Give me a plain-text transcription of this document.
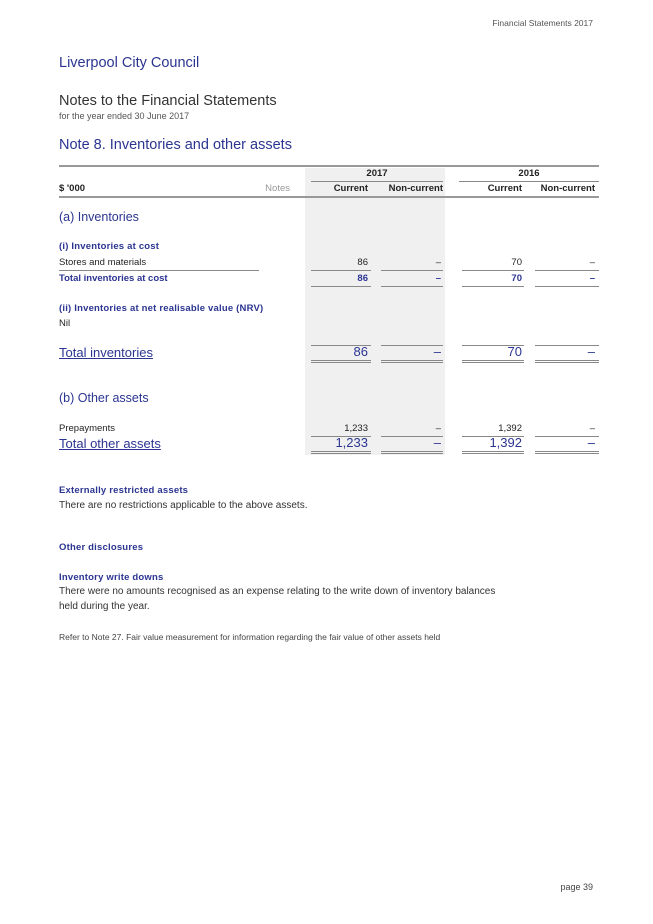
Financial Statements 2017
Liverpool City Council
Notes to the Financial Statements
for the year ended 30 June 2017
Note 8. Inventories and other assets
2017	2016
$ '000	Notes	Current	Non-current	Current	Non-current
(a) Inventories
(i) Inventories at cost
Stores and materials	86	–	70	–
Total inventories at cost	86	–	70	–
(ii) Inventories at net realisable value (NRV)
Nil
Total inventories	86	–	70	–
(b) Other assets
Prepayments	1,233	–	1,392	–
Total other assets	1,233	–	1,392	–
Externally restricted assets
There are no restrictions applicable to the above assets.
Other disclosures
Inventory write downs
There were no amounts recognised as an expense relating to the write down of inventory balances
held during the year.
Refer to Note 27. Fair value measurement for information regarding the fair value of other assets held
page 39
